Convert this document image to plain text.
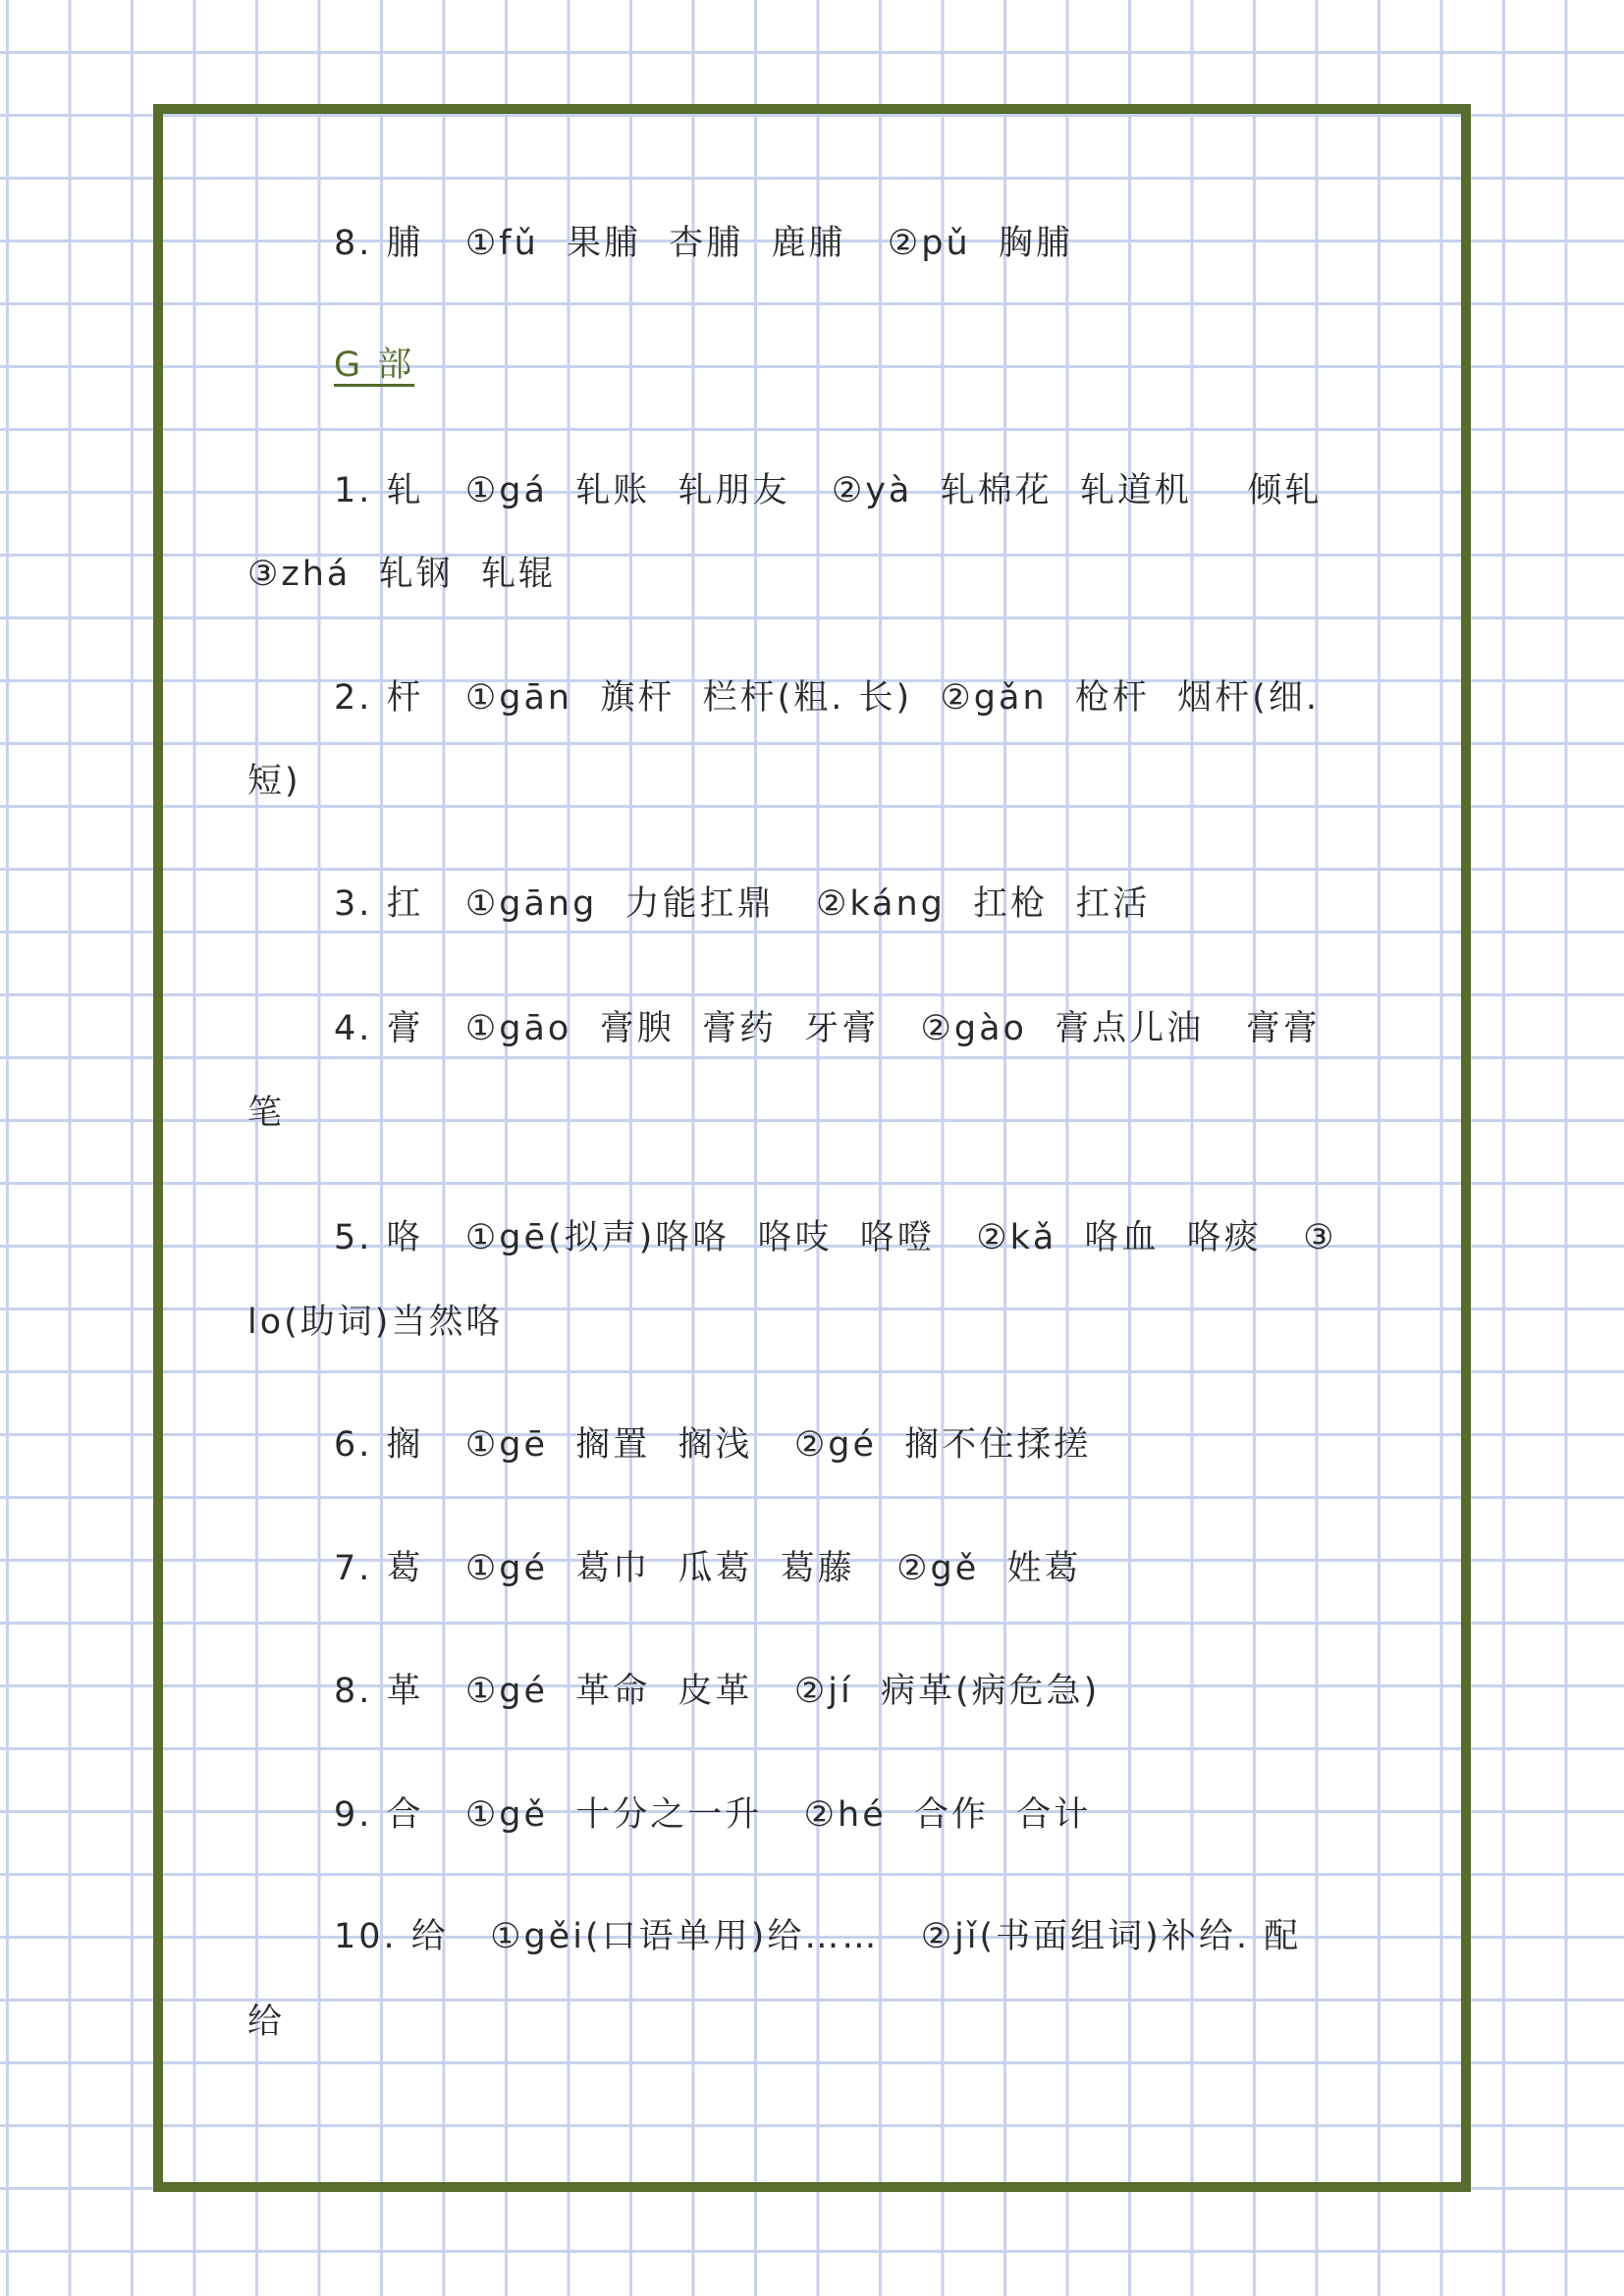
8. 脯   ①fǔ  果脯  杏脯  鹿脯   ②pǔ  胸脯
G 部
1. 轧   ①gá  轧账  轧朋友   ②yà  轧棉花  轧道机    倾轧
③zhá  轧钢  轧辊
2. 杆   ①gān  旗杆  栏杆(粗. 长)  ②gǎn  枪杆  烟杆(细.
短)
3. 扛   ①gāng  力能扛鼎   ②káng  扛枪  扛活
4. 膏   ①gāo  膏腴  膏药  牙膏   ②gào  膏点儿油   膏膏
笔
5. 咯   ①gē(拟声)咯咯  咯吱  咯噔   ②kǎ  咯血  咯痰   ③
lo(助词)当然咯
6. 搁   ①gē  搁置  搁浅   ②gé  搁不住揉搓
7. 葛   ①gé  葛巾  瓜葛  葛藤   ②gě  姓葛
8. 革   ①gé  革命  皮革   ②jí  病革(病危急)
9. 合   ①gě  十分之一升   ②hé  合作  合计
10. 给   ①gěi(口语单用)给……   ②jǐ(书面组词)补给. 配
给
